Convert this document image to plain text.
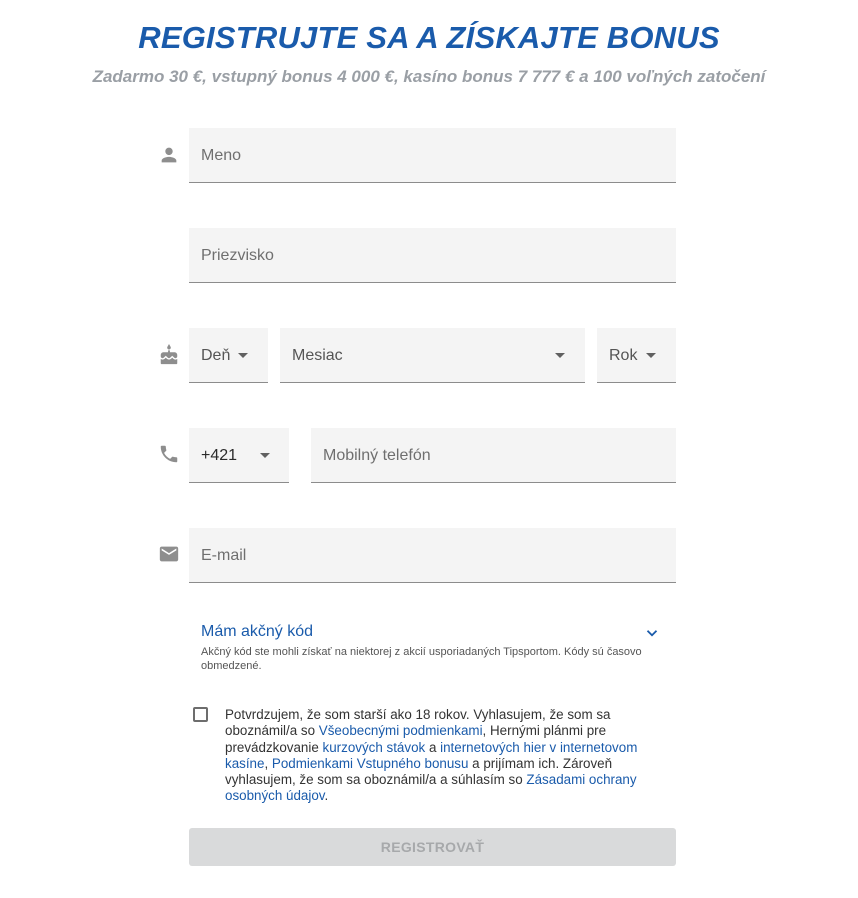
REGISTRUJTE SA A ZÍSKAJTE BONUS

Zadarmo 30 €, vstupný bonus 4 000 €, kasíno bonus 7 777 € a 100 voľných zatočení

Meno
Priezvisko
Deň	Mesiac	Rok
+421	Mobilný telefón
E-mail
Mám akčný kód
Akčný kód ste mohli získať na niektorej z akcií usporiadaných Tipsportom. Kódy sú časovo obmedzené.
Potvrdzujem, že som starší ako 18 rokov. Vyhlasujem, že som sa oboznámil/a so Všeobecnými podmienkami, Hernými plánmi pre prevádzkovanie kurzových stávok a internetových hier v internetovom kasíne, Podmienkami Vstupného bonusu a prijímam ich. Zároveň vyhlasujem, že som sa oboznámil/a a súhlasím so Zásadami ochrany osobných údajov.
REGISTROVAŤ
